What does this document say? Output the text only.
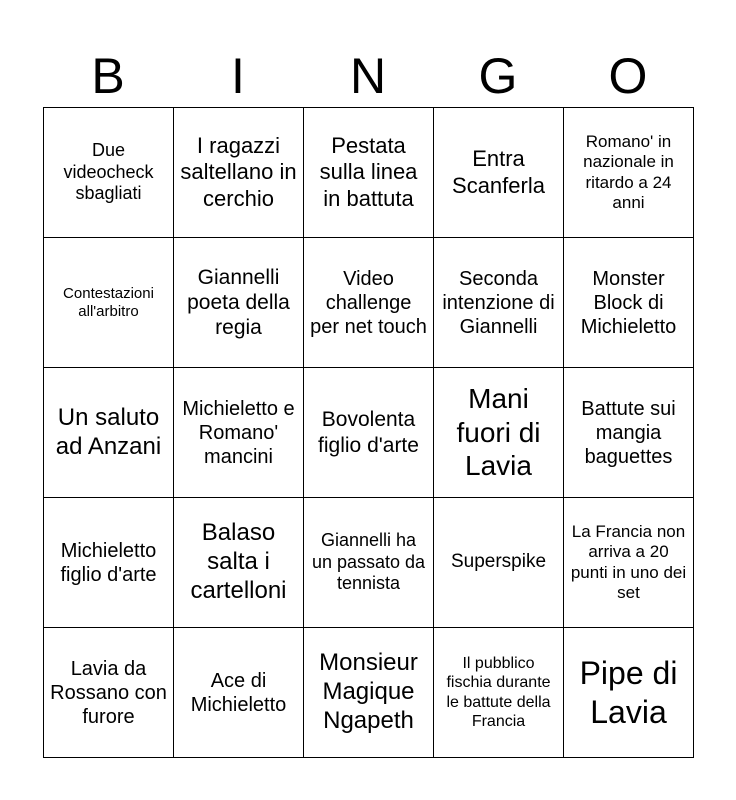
B	I	N	G	O
Due videocheck sbagliati	I ragazzi saltellano in cerchio	Pestata sulla linea in battuta	Entra Scanferla	Romano' in nazionale in ritardo a 24 anni
Contestazioni all'arbitro	Giannelli poeta della regia	Video challenge per net touch	Seconda intenzione di Giannelli	Monster Block di Michieletto
Un saluto ad Anzani	Michieletto e Romano' mancini	Bovolenta figlio d'arte	Mani fuori di Lavia	Battute sui mangia baguettes
Michieletto figlio d'arte	Balaso salta i cartelloni	Giannelli ha un passato da tennista	Superspike	La Francia non arriva a 20 punti in uno dei set
Lavia da Rossano con furore	Ace di Michieletto	Monsieur Magique Ngapeth	Il pubblico fischia durante le battute della Francia	Pipe di Lavia
